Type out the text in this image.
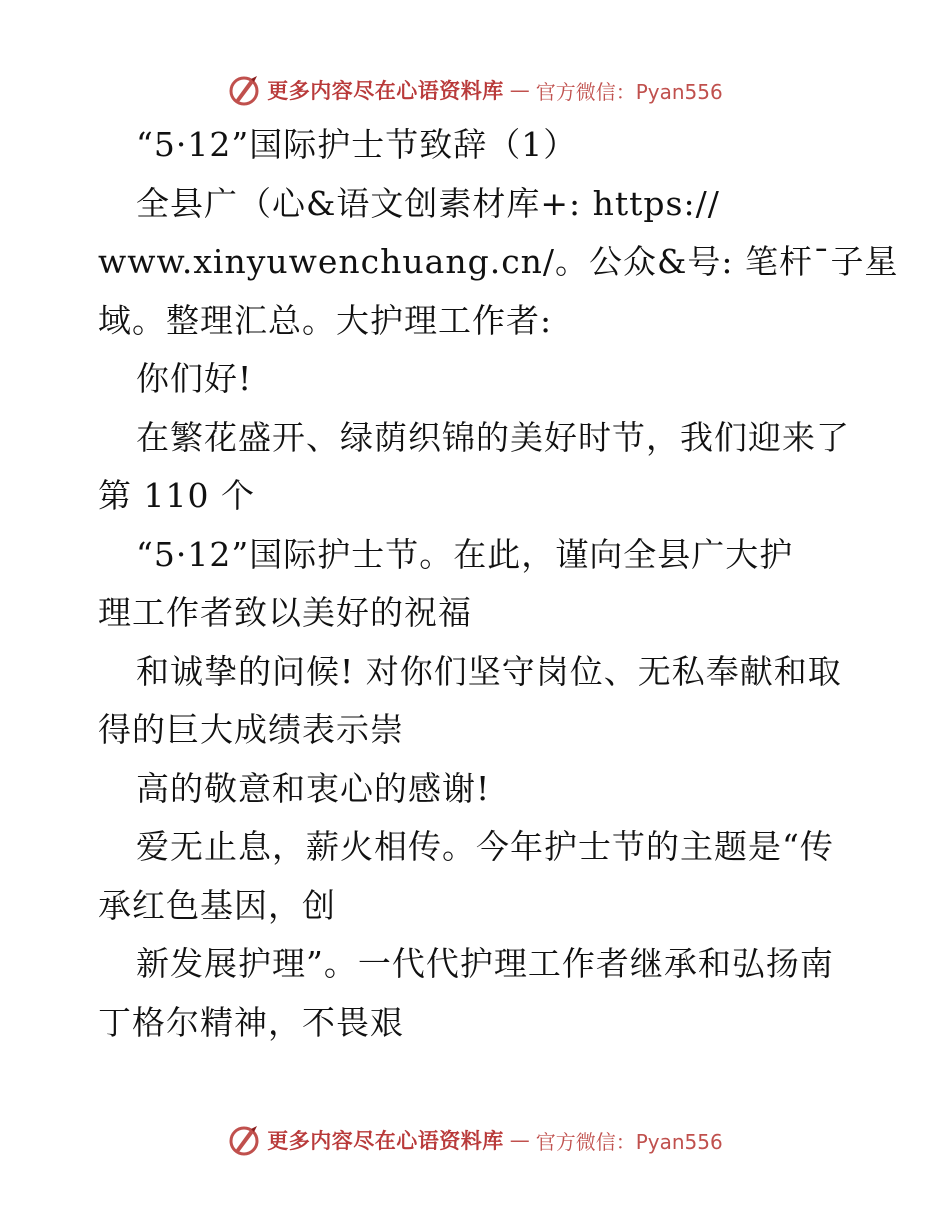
更多内容尽在心语资料库 — 官方微信：Pyan556
“5·12”国际护士节致辞（1）
全县广（心&语文创素材库+: https://
www.xinyuwenchuang.cn/。公众&号: 笔杆¯子星
域。整理汇总。大护理工作者:
你们好!
在繁花盛开、绿荫织锦的美好时节，我们迎来了
第 110 个
“5·12”国际护士节。在此，谨向全县广大护
理工作者致以美好的祝福
和诚挚的问候! 对你们坚守岗位、无私奉献和取
得的巨大成绩表示崇
高的敬意和衷心的感谢!
爱无止息，薪火相传。今年护士节的主题是“传
承红色基因，创
新发展护理”。一代代护理工作者继承和弘扬南
丁格尔精神，不畏艰
更多内容尽在心语资料库 — 官方微信：Pyan556
